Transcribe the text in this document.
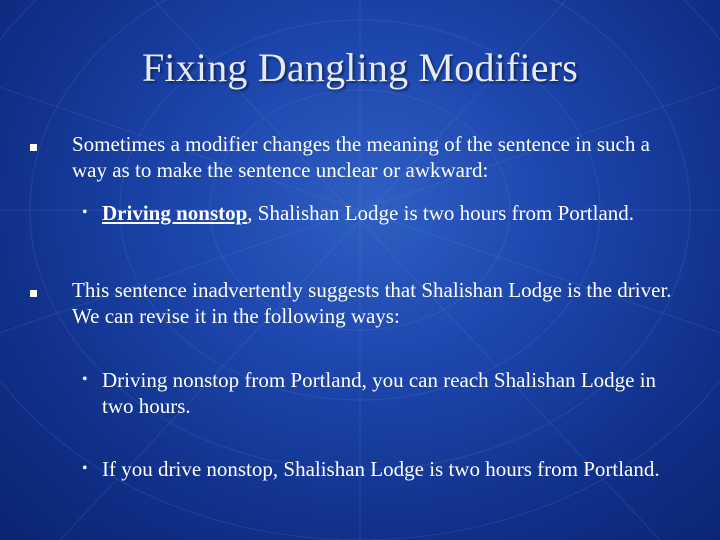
Fixing Dangling Modifiers
Sometimes a modifier changes the meaning of the sentence in such a way as to make the sentence unclear or awkward:
• Driving nonstop, Shalishan Lodge is two hours from Portland.
This sentence inadvertently suggests that Shalishan Lodge is the driver. We can revise it in the following ways:
• Driving nonstop from Portland, you can reach Shalishan Lodge in two hours.
• If you drive nonstop, Shalishan Lodge is two hours from Portland.
